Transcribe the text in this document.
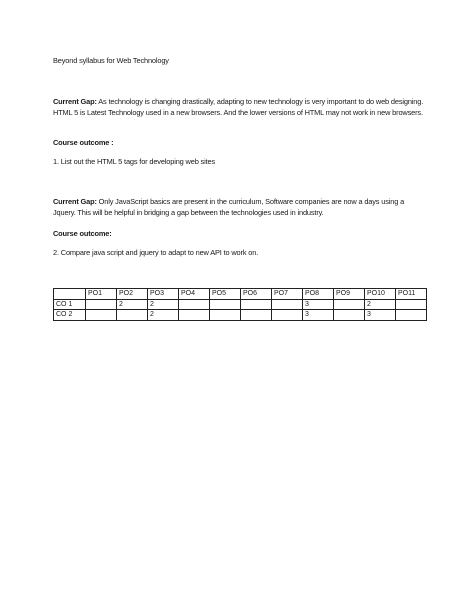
Beyond syllabus for Web Technology
Current Gap: As technology is changing drastically, adapting to new technology is very important to do web designing. HTML 5 is Latest Technology used in a new browsers. And the lower versions of HTML may not work in new browsers.
Course outcome :
1. List out the HTML 5 tags for developing web sites
Current Gap: Only JavaScript basics are present in the curriculum, Software companies are now a days using a Jquery. This will be helpful in bridging a gap between the technologies used in industry.
Course outcome:
2. Compare java script and jquery to adapt to new API to work on.
	PO1	PO2	PO3	PO4	PO5	PO6	PO7	PO8	PO9	PO10	PO11
CO 1		2	2					3		2	
CO 2			2					3		3	
